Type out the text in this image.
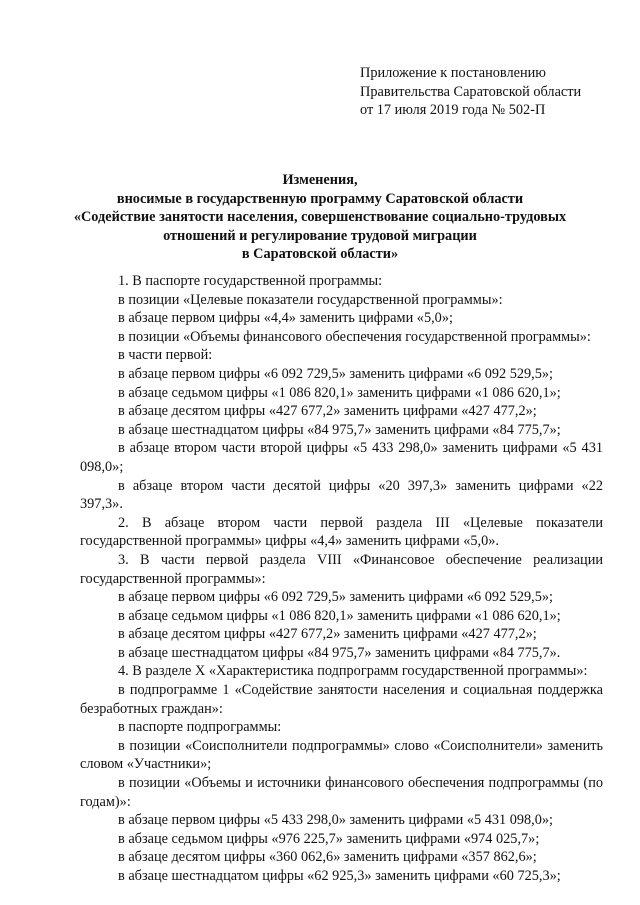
Приложение к постановлению
Правительства Саратовской области
от 17 июля 2019 года № 502-П
Изменения,
вносимые в государственную программу Саратовской области
«Содействие занятости населения, совершенствование социально-трудовых
отношений и регулирование трудовой миграции
в Саратовской области»

1. В паспорте государственной программы:

в позиции «Целевые показатели государственной программы»:

в абзаце первом цифры «4,4» заменить цифрами «5,0»;

в позиции «Объемы финансового обеспечения государственной программы»:

в части первой:

в абзаце первом цифры «6 092 729,5» заменить цифрами «6 092 529,5»;

в абзаце седьмом цифры «1 086 820,1» заменить цифрами «1 086 620,1»;

в абзаце десятом цифры «427 677,2» заменить цифрами «427 477,2»;

в абзаце шестнадцатом цифры «84 975,7» заменить цифрами «84 775,7»;

в абзаце втором части второй цифры «5 433 298,0» заменить цифрами «5 431 098,0»;

в абзаце втором части десятой цифры «20 397,3» заменить цифрами «22 397,3».

2. В абзаце втором части первой раздела III «Целевые показатели государственной программы» цифры «4,4» заменить цифрами «5,0».

3. В части первой раздела VIII «Финансовое обеспечение реализации государственной программы»:

в абзаце первом цифры «6 092 729,5» заменить цифрами «6 092 529,5»;

в абзаце седьмом цифры «1 086 820,1» заменить цифрами «1 086 620,1»;

в абзаце десятом цифры «427 677,2» заменить цифрами «427 477,2»;

в абзаце шестнадцатом цифры «84 975,7» заменить цифрами «84 775,7».

4. В разделе X «Характеристика подпрограмм государственной программы»:

в подпрограмме 1 «Содействие занятости населения и социальная поддержка безработных граждан»:

в паспорте подпрограммы:

в позиции «Соисполнители подпрограммы» слово «Соисполнители» заменить словом «Участники»;

в позиции «Объемы и источники финансового обеспечения подпрограммы (по годам)»:

в абзаце первом цифры «5 433 298,0» заменить цифрами «5 431 098,0»;

в абзаце седьмом цифры «976 225,7» заменить цифрами «974 025,7»;

в абзаце десятом цифры «360 062,6» заменить цифрами «357 862,6»;

в абзаце шестнадцатом цифры «62 925,3» заменить цифрами «60 725,3»;
